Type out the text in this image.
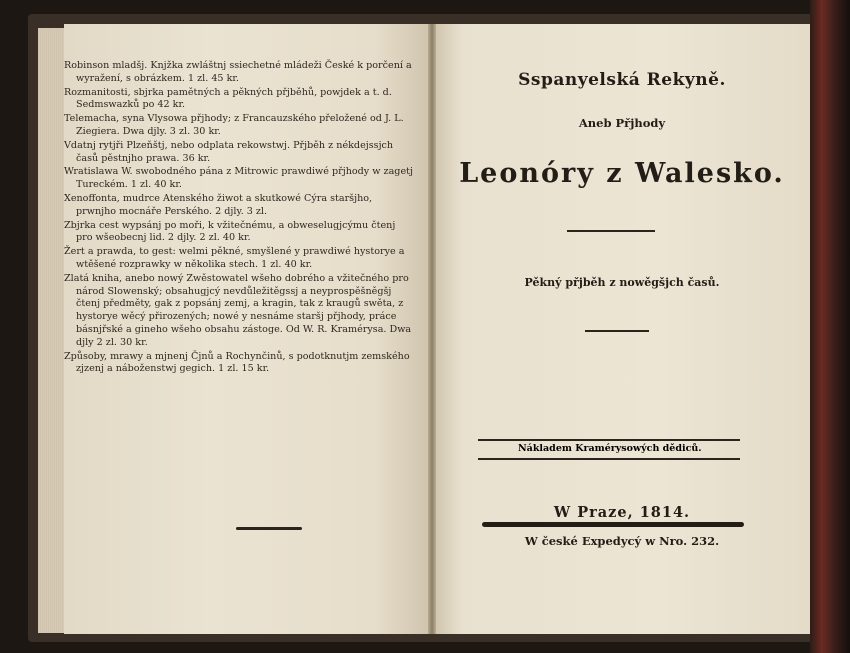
Robinson mladšj. Knjžka zwláštnj ssiechetné mládeži České k porčení a wyražení, s obrázkem. 1 zl. 45 kr.

Rozmanitosti, sbjrka pamětných a pěkných přjběhů, powjdek a t. d. Sedmswazků po 42 kr.

Telemacha, syna Vlysowa přjhody; z Francauzského přeložené od J. L. Ziegiera. Dwa djly. 3 zl. 30 kr.

Vdatnj rytjři Plzeňštj, nebo odplata rekowstwj. Přjběh z nékdejssjch časů pěstnjho prawa. 36 kr.

Wratislawa W. swobodného pána z Mitrowic prawdiwé přjhody w zagetj Tureckém. 1 zl. 40 kr.

Xenoffonta, mudrce Atenského žiwot a skutkowé Cýra staršjho, prwnjho mocnáře Perského. 2 djly. 3 zl.

Zbjrka cest wypsánj po moři, k vžitečnému, a obweselugjcýmu čtenj pro wšeobecnj lid. 2 djly. 2 zl. 40 kr.

Žert a prawda, to gest: welmi pěkné, smyšlené y prawdiwé hystorye a wtěšené rozprawky w několika stech. 1 zl. 40 kr.

Zlatá kniha, anebo nowý Zwěstowatel wšeho dobrého a vžitečného pro národ Slowenský; obsahugjcý nevdůležitěgssj a neyprospěšněgšj čtenj předměty, gak z popsánj zemj, a kragin, tak z kraugů swěta, z hystorye wěcý přirozených; nowé y nesnáme staršj přjhody, práce básnjřské a gineho wšeho obsahu zástoge. Od W. R. Kramérysa. Dwa djly 2 zl. 30 kr.

Způsoby, mrawy a mjnenj Čjnů a Rochynčinů, s podotknutjm zemského zjzenj a náboženstwj gegich. 1 zl. 15 kr.

Sspanyelská Rekyně.
Aneb Přjhody
Leonóry z Walesko.
Pěkný přjběh z nowěgšjch časů.
Nákladem Kramérysowých dědiců.
W Praze, 1814.
W české Expedycý w Nro. 232.
